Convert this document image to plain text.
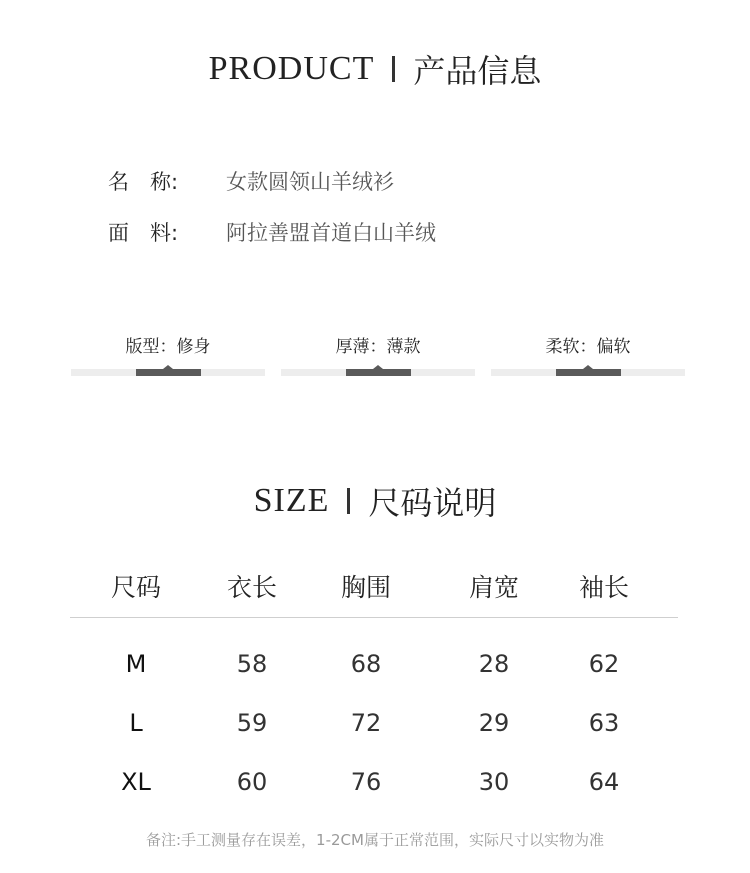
PRODUCT 产品信息
名　称: 女款圆领山羊绒衫
面　料: 阿拉善盟首道白山羊绒
版型：修身	厚薄：薄款	柔软：偏软
SIZE 尺码说明
尺码	衣长	胸围	肩宽	袖长
M	58	68	28	62
L	59	72	29	63
XL	60	76	30	64
备注:手工测量存在误差，1-2CM属于正常范围，实际尺寸以实物为准
